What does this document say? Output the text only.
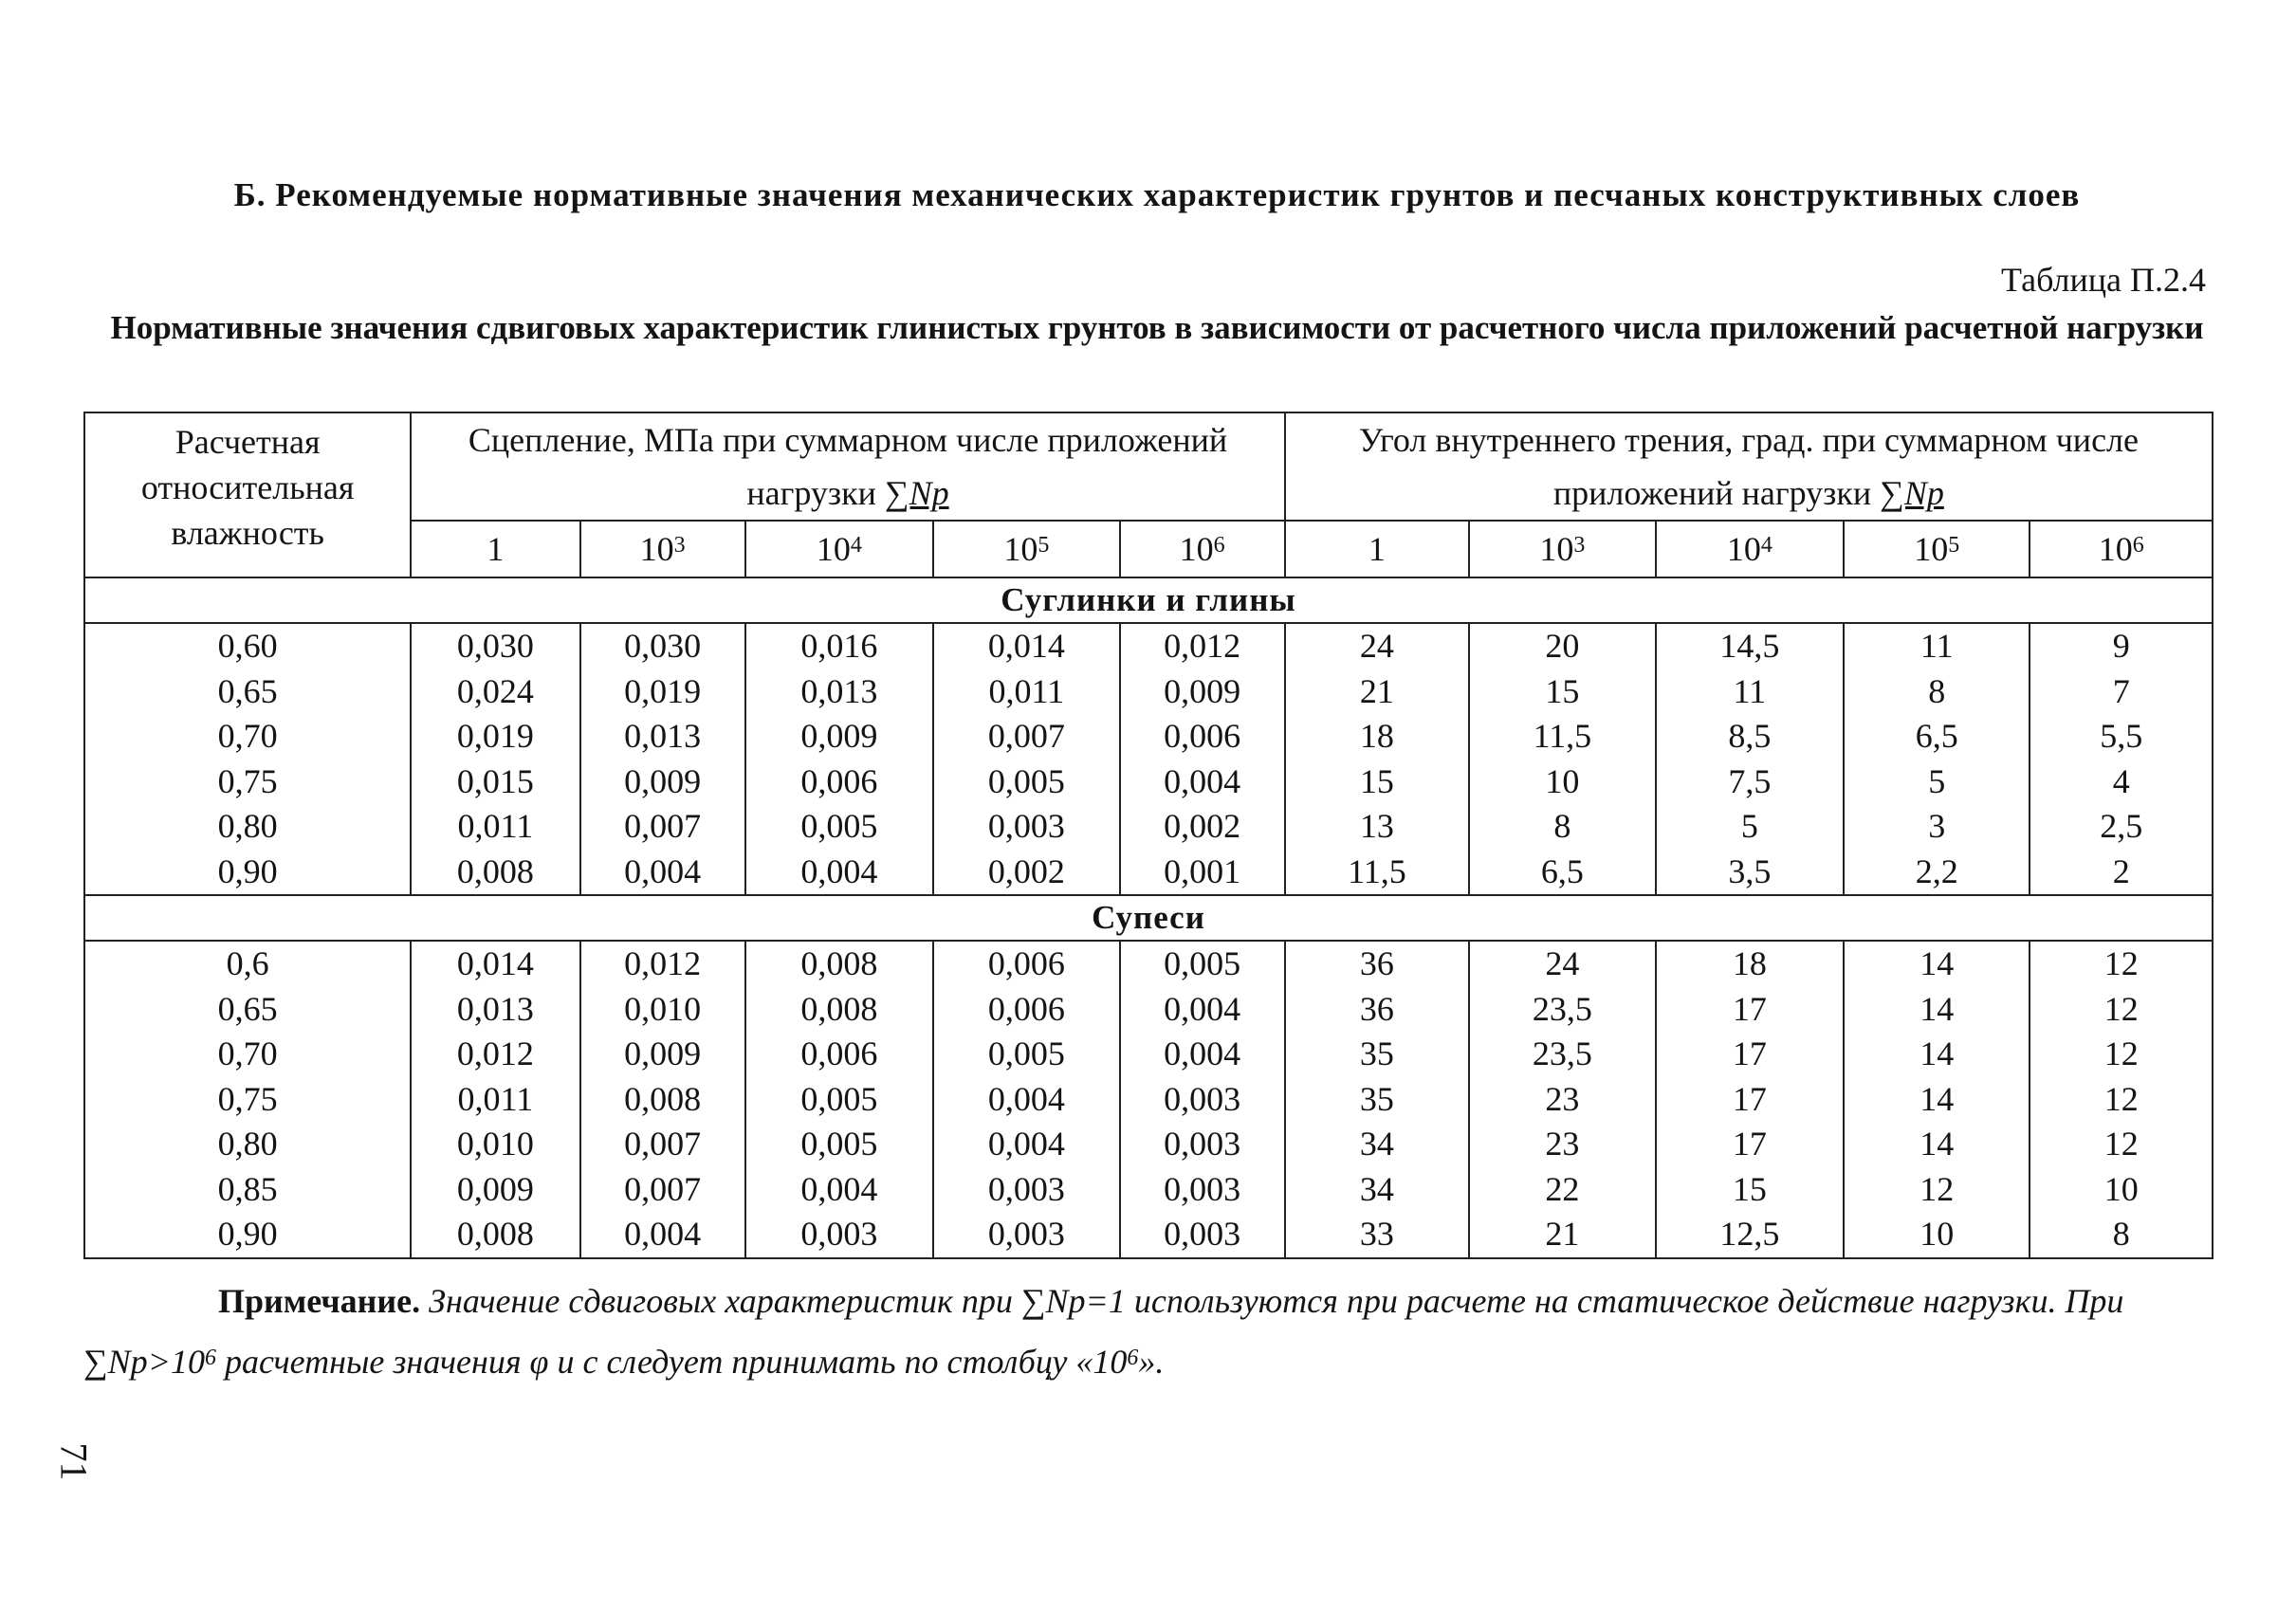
Б. Рекомендуемые нормативные значения механических характеристик грунтов и песчаных конструктивных слоев
Таблица П.2.4
Нормативные значения сдвиговых характеристик глинистых грунтов в зависимости от расчетного числа приложений расчетной нагрузки
Расчетная относительная влажность	Сцепление, МПа при суммарном числе приложений нагрузки ∑Np					Угол внутреннего трения, град. при суммарном числе приложений нагрузки ∑Np				
	1	$10^3$	$10^4$	$10^5$	$10^6$	1	$10^3$	$10^4$	$10^5$	$10^6$
Суглинки и глины										
0,60	0,030	0,030	0,016	0,014	0,012	24	20	14,5	11	9
0,65	0,024	0,019	0,013	0,011	0,009	21	15	11	8	7
0,70	0,019	0,013	0,009	0,007	0,006	18	11,5	8,5	6,5	5,5
0,75	0,015	0,009	0,006	0,005	0,004	15	10	7,5	5	4
0,80	0,011	0,007	0,005	0,003	0,002	13	8	5	3	2,5
0,90	0,008	0,004	0,004	0,002	0,001	11,5	6,5	3,5	2,2	2
Супеси										
0,6	0,014	0,012	0,008	0,006	0,005	36	24	18	14	12
0,65	0,013	0,010	0,008	0,006	0,004	36	23,5	17	14	12
0,70	0,012	0,009	0,006	0,005	0,004	35	23,5	17	14	12
0,75	0,011	0,008	0,005	0,004	0,003	35	23	17	14	12
0,80	0,010	0,007	0,005	0,004	0,003	34	23	17	14	12
0,85	0,009	0,007	0,004	0,003	0,003	34	22	15	12	10
0,90	0,008	0,004	0,003	0,003	0,003	33	21	12,5	10	8
Примечание. Значение сдвиговых характеристик при ∑Np=1 используются при расчете на статическое действие нагрузки. При $\sum Np>10^6$ расчетные значения φ и c следует принимать по столбцу «$10^6$».
71
